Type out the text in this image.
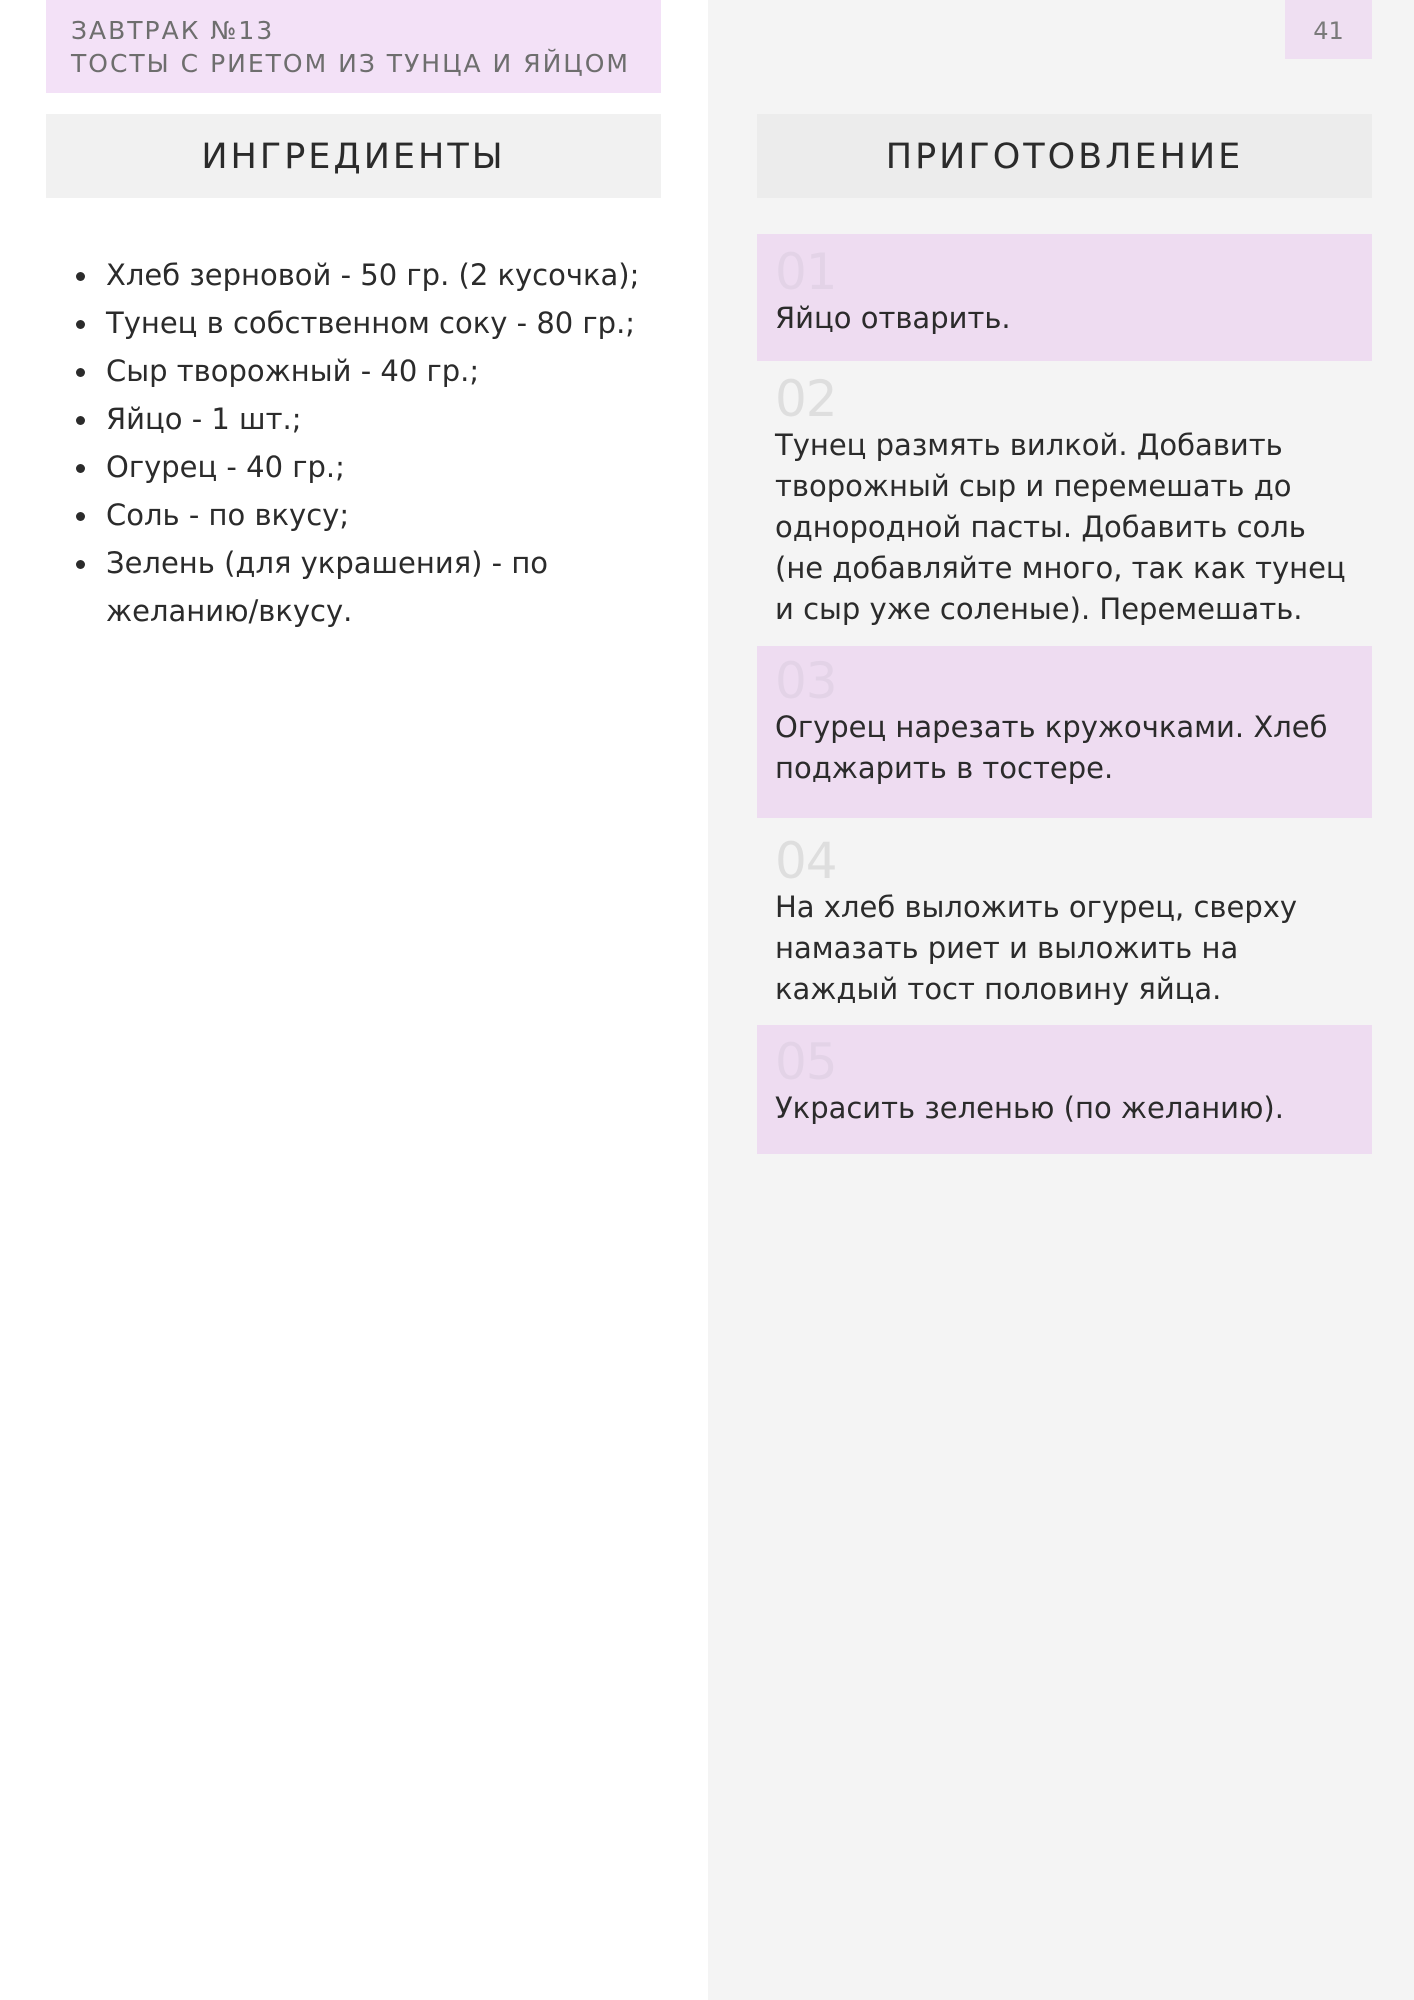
ЗАВТРАК №13
ТОСТЫ С РИЕТОМ ИЗ ТУНЦА И ЯЙЦОМ
41
ИНГРЕДИЕНТЫ	ПРИГОТОВЛЕНИЕ
Хлеб зерновой - 50 гр. (2 кусочка);
Тунец в собственном соку - 80 гр.;
Сыр творожный - 40 гр.;
Яйцо - 1 шт.;
Огурец - 40 гр.;
Соль - по вкусу;
Зелень (для украшения) - по желанию/вкусу.
01
Яйцо отварить.
02
Тунец размять вилкой. Добавить творожный сыр и перемешать до однородной пасты. Добавить соль (не добавляйте много, так как тунец и сыр уже соленые). Перемешать.
03
Огурец нарезать кружочками. Хлеб поджарить в тостере.
04
На хлеб выложить огурец, сверху намазать риет и выложить на каждый тост половину яйца.
05
Украсить зеленью (по желанию).
